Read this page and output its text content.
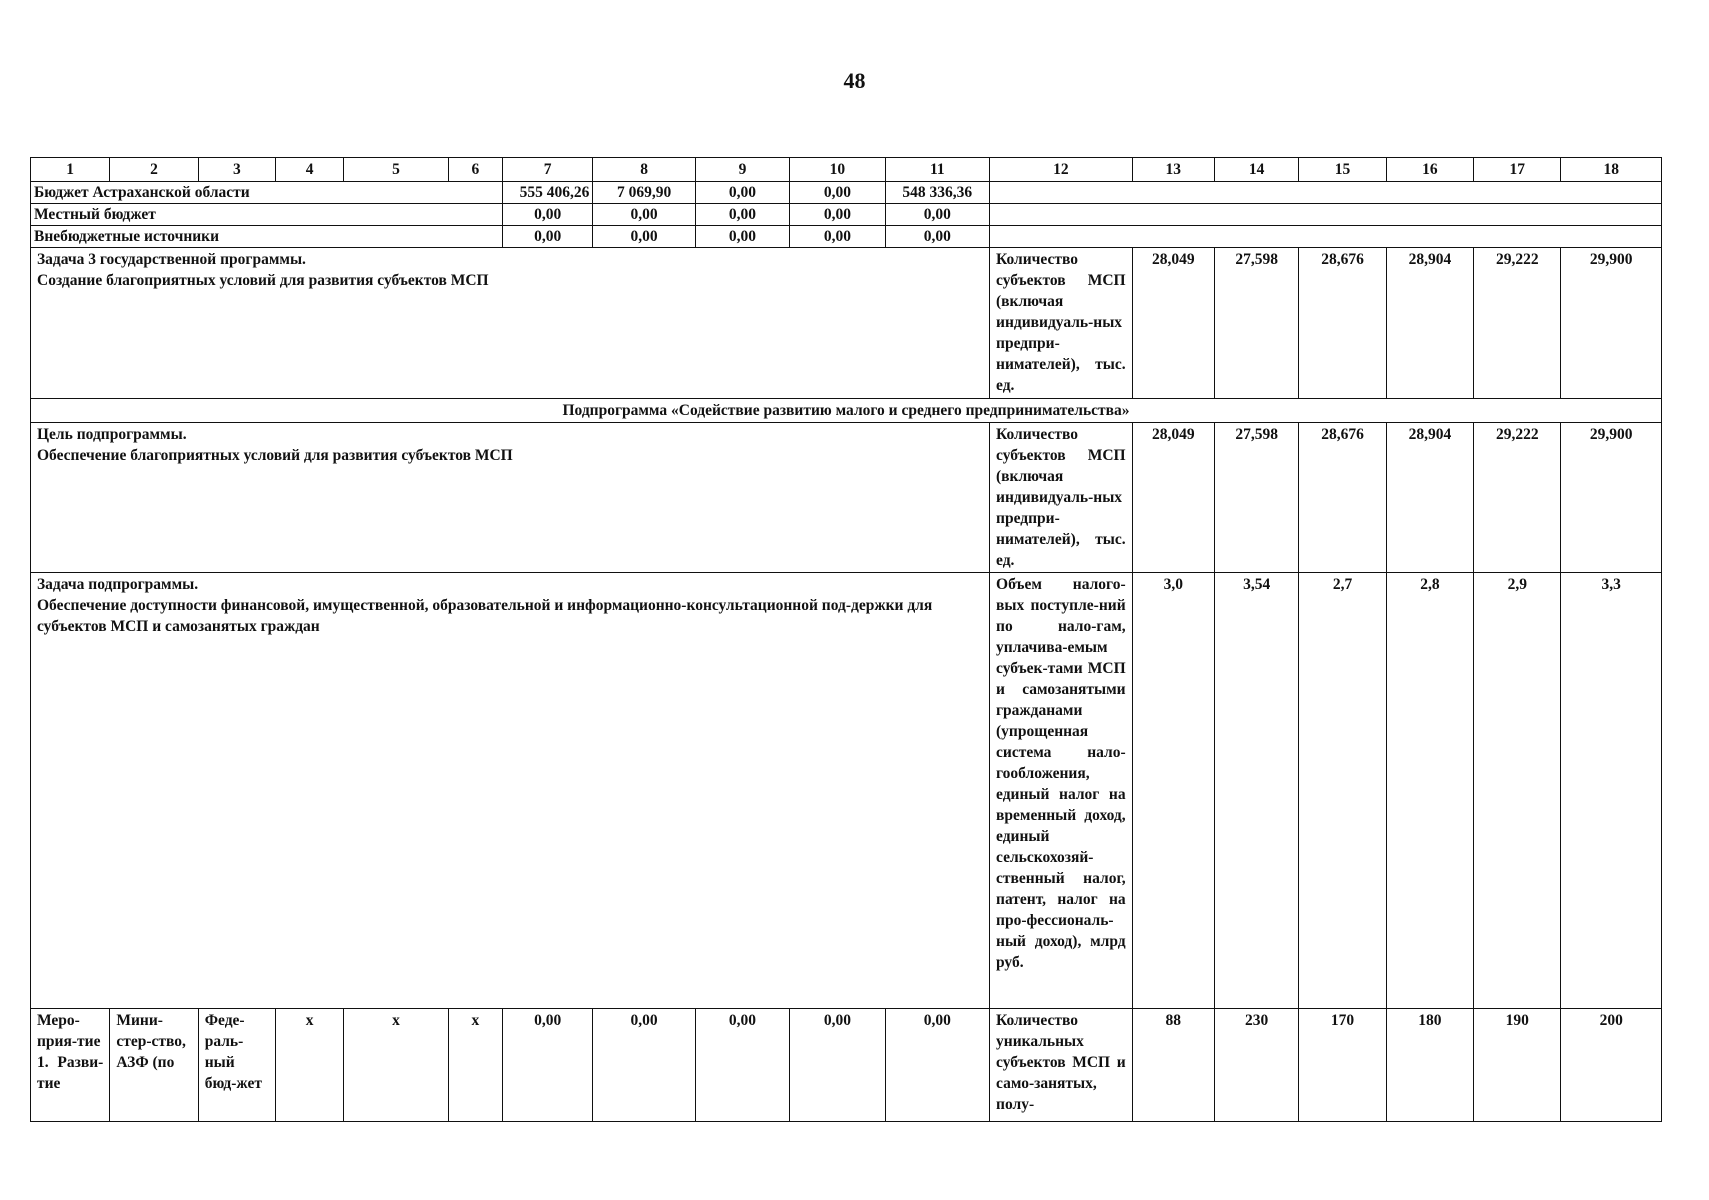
48
1	2	3	4	5	6	7	8	9	10	11	12	13	14	15	16	17	18
Бюджет Астраханской области						555 406,26	7 069,90	0,00	0,00	548 336,36							
Местный бюджет						0,00	0,00	0,00	0,00	0,00							
Внебюджетные источники						0,00	0,00	0,00	0,00	0,00							

Задача 3 государственной программы.
Создание благоприятных условий для развития субъектов МСП											Количество субъектов МСП (включая индивидуаль-ных предпри-нимателей), тыс. ед.	28,049	27,598	28,676	28,904	29,222	29,900
Подпрограмма «Содействие развитию малого и среднего предпринимательства»																	

Цель подпрограммы.
Обеспечение благоприятных условий для развития субъектов МСП											Количество субъектов МСП (включая индивидуаль-ных предпри-нимателей), тыс. ед.	28,049	27,598	28,676	28,904	29,222	29,900

Задача подпрограммы.
Обеспечение доступности финансовой, имущественной, образовательной и информационно-консультационной под-держки для субъектов МСП и самозанятых граждан											Объем налого-вых поступле-ний по нало-гам, уплачива-емым субъек-тами МСП и самозанятыми гражданами (упрощенная система нало-гообложения, единый налог на временный доход, единый сельскохозяй-ственный налог, патент, налог на про-фессиональ-ный доход), млрд руб.	3,0	3,54	2,7	2,8	2,9	3,3
Меро-прия-тие 1. Разви-тие	Мини-стер-ство, АЗФ (по	Феде-раль-ный бюд-жет	х	х	х	0,00	0,00	0,00	0,00	0,00	Количество уникальных субъектов МСП и само-занятых, полу-	88	230	170	180	190	200
